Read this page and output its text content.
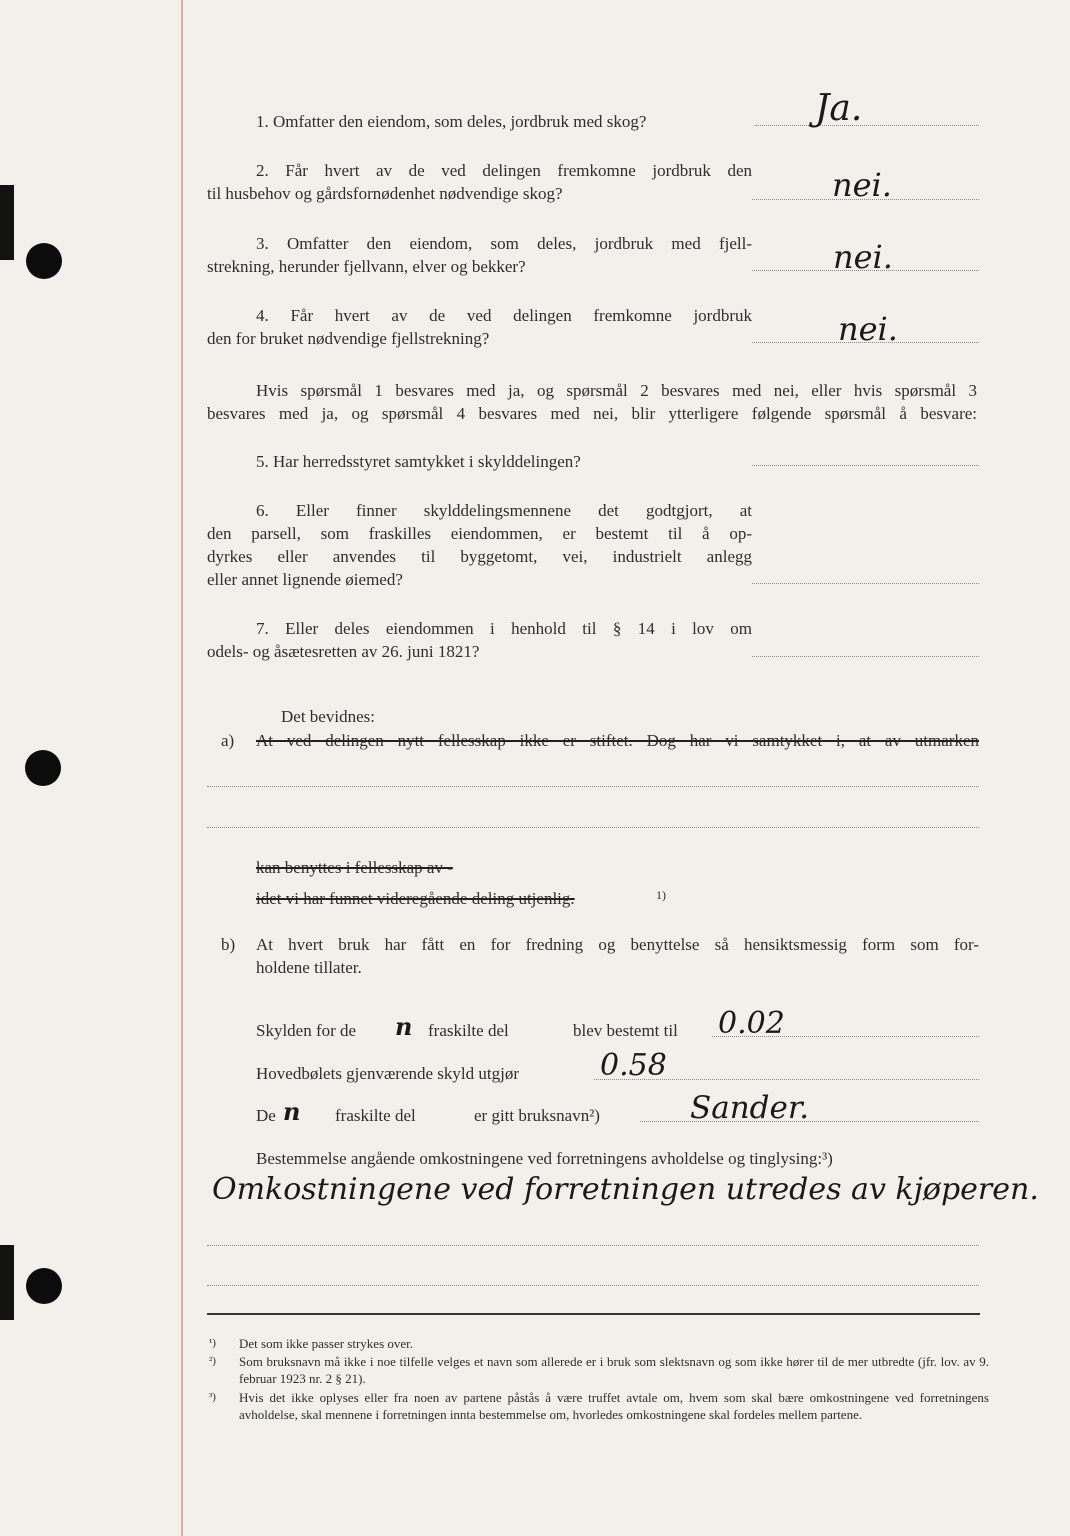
1. Omfatter den eiendom, som deles, jordbruk med skog?	Ja.
2. Får hvert av de ved delingen fremkomne jordbruk den
til husbehov og gårdsfornødenhet nødvendige skog?	nei.
3. Omfatter den eiendom, som deles, jordbruk med fjell-
strekning, herunder fjellvann, elver og bekker?	nei.
4. Får hvert av de ved delingen fremkomne jordbruk
den for bruket nødvendige fjellstrekning?	nei.
Hvis spørsmål 1 besvares med ja, og spørsmål 2 besvares med nei, eller hvis spørsmål 3
besvares med ja, og spørsmål 4 besvares med nei, blir ytterligere følgende spørsmål å besvare:
5. Har herredsstyret samtykket i skylddelingen?
6. Eller finner skylddelingsmennene det godtgjort, at
den parsell, som fraskilles eiendommen, er bestemt til å op-
dyrkes eller anvendes til byggetomt, vei, industrielt anlegg
eller annet lignende øiemed?
7. Eller deles eiendommen i henhold til § 14 i lov om
odels- og åsætesretten av 26. juni 1821?
Det bevidnes:
a) At ved delingen nytt fellesskap ikke er stiftet. Dog har vi samtykket i, at av utmarken
kan benyttes i fellesskap av -
idet vi har funnet videregående deling utjenlig.	1)
b) At hvert bruk har fått en for fredning og benyttelse så hensiktsmessig form som for-
holdene tillater.
Skylden for de n fraskilte del	blev bestemt til 0.02
Hovedbølets gjenværende skyld utgjør	0.58
De n fraskilte del	er gitt bruksnavn²)	Sander.
Bestemmelse angående omkostningene ved forretningens avholdelse og tinglysing:³)
Omkostningene ved forretningen utredes av kjøperen.
¹) Det som ikke passer strykes over.
²) Som bruksnavn må ikke i noe tilfelle velges et navn som allerede er i bruk som slektsnavn og som ikke hører til de mer utbredte (jfr. lov. av 9. februar 1923 nr. 2 § 21).
³) Hvis det ikke oplyses eller fra noen av partene påstås å være truffet avtale om, hvem som skal bære omkostningene ved forretningens avholdelse, skal mennene i forretningen innta bestemmelse om, hvorledes omkostningene skal fordeles mellem partene.
